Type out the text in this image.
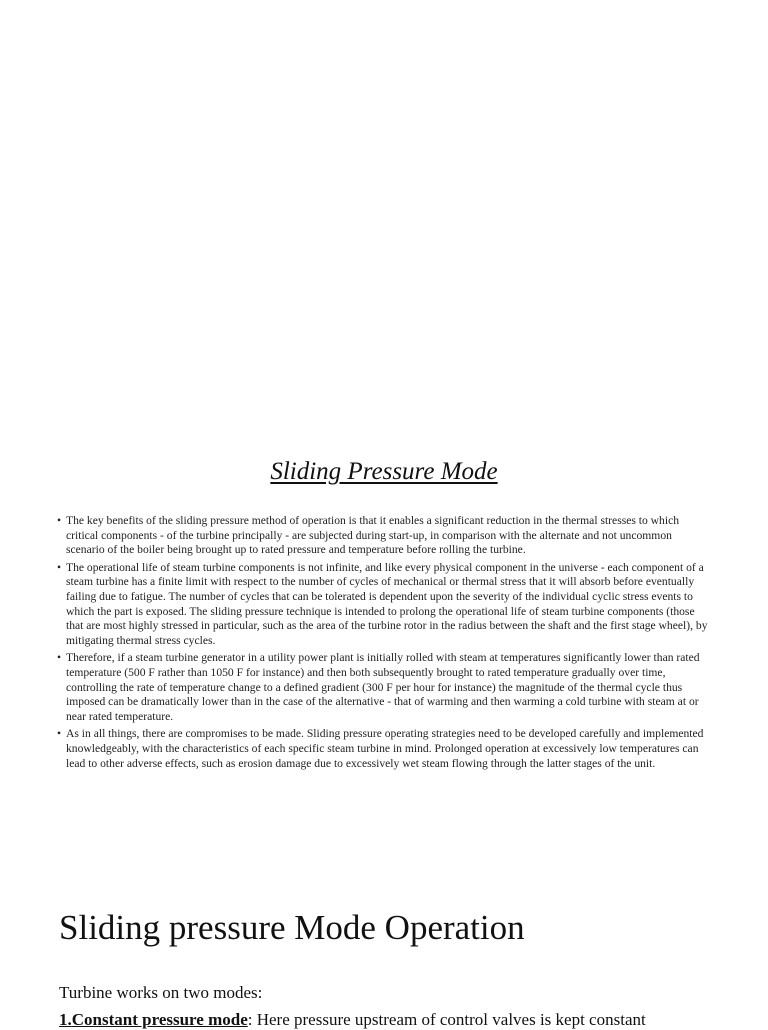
Sliding Pressure Mode
• The key benefits of the sliding pressure method of operation is that it enables a significant reduction in the thermal stresses to which critical components - of the turbine principally - are subjected during start-up, in comparison with the alternate and not uncommon scenario of the boiler being brought up to rated pressure and temperature before rolling the turbine.
• The operational life of steam turbine components is not infinite, and like every physical component in the universe - each component of a steam turbine has a finite limit with respect to the number of cycles of mechanical or thermal stress that it will absorb before eventually failing due to fatigue. The number of cycles that can be tolerated is dependent upon the severity of the individual cyclic stress events to which the part is exposed. The sliding pressure technique is intended to prolong the operational life of steam turbine components (those that are most highly stressed in particular, such as the area of the turbine rotor in the radius between the shaft and the first stage wheel), by mitigating thermal stress cycles.
• Therefore, if a steam turbine generator in a utility power plant is initially rolled with steam at temperatures significantly lower than rated temperature (500 F rather than 1050 F for instance) and then both subsequently brought to rated temperature gradually over time, controlling the rate of temperature change to a defined gradient (300 F per hour for instance) the magnitude of the thermal cycle thus imposed can be dramatically lower than in the case of the alternative - that of warming and then warming a cold turbine with steam at or near rated temperature.
• As in all things, there are compromises to be made. Sliding pressure operating strategies need to be developed carefully and implemented knowledgeably, with the characteristics of each specific steam turbine in mind. Prolonged operation at excessively low temperatures can lead to other adverse effects, such as erosion damage due to excessively wet steam flowing through the latter stages of the unit.
Sliding pressure Mode Operation

Turbine works on two modes:

1.Constant pressure mode: Here pressure upstream of control valves is kept constant
